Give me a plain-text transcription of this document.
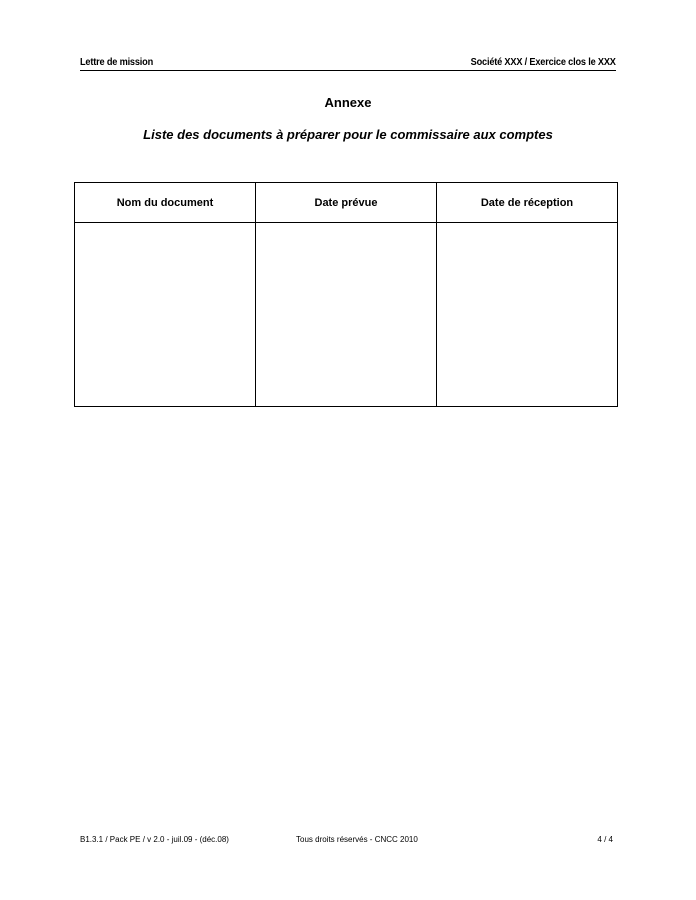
Lettre de mission	Société XXX / Exercice clos le XXX
Annexe
Liste des documents à préparer pour le commissaire aux comptes
Nom du document	Date prévue	Date de réception

B1.3.1 / Pack PE / v 2.0 - juil.09 - (déc.08)	Tous droits réservés - CNCC 2010	4 / 4
